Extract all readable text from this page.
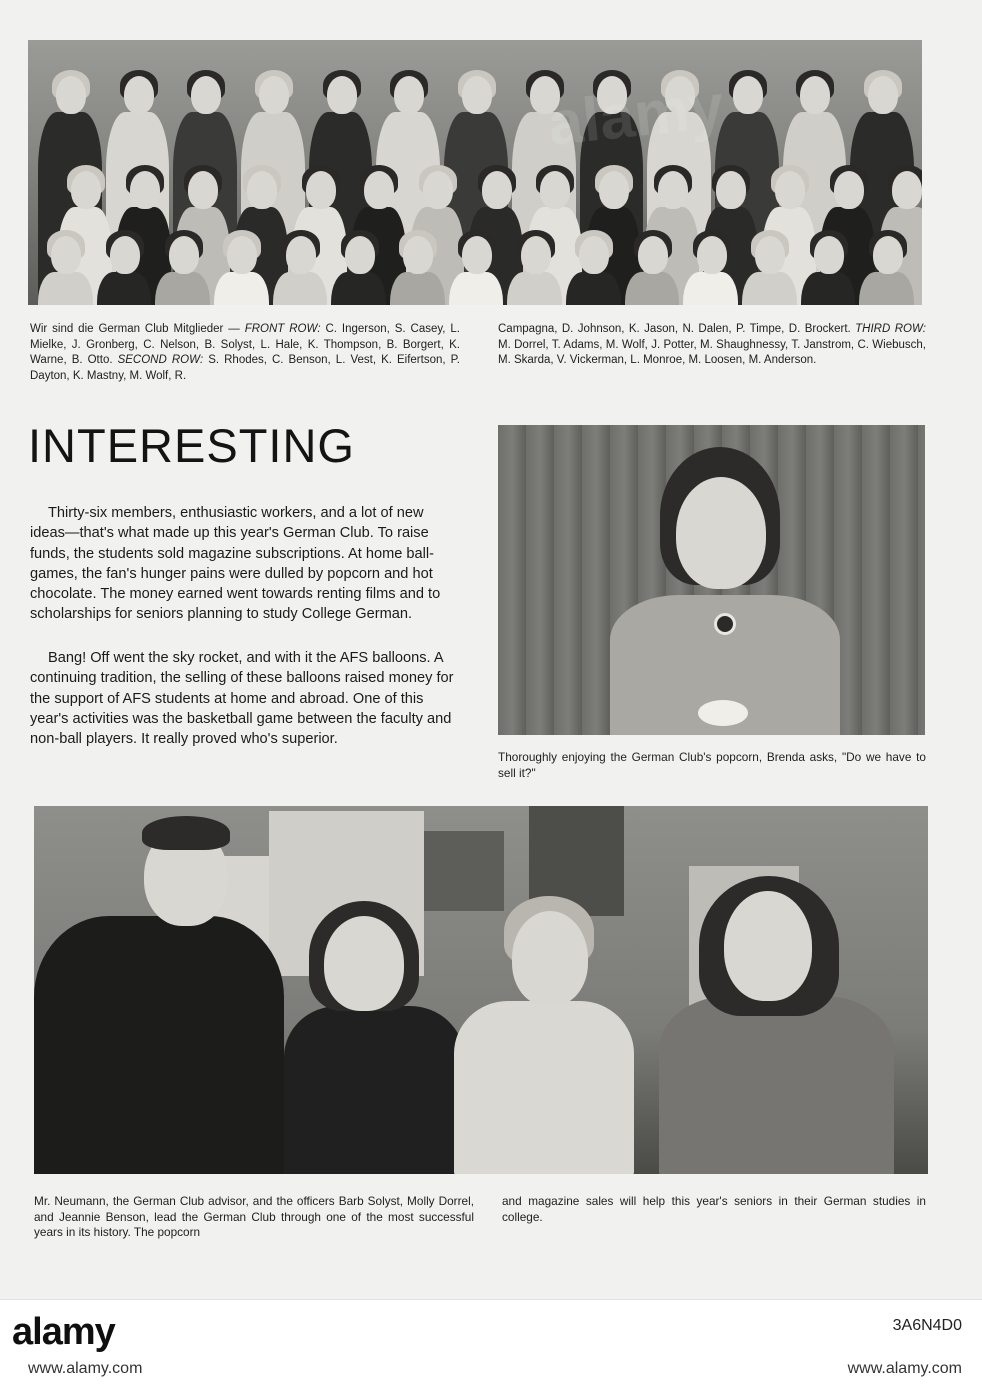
alamy

Wir sind die German Club Mitglieder — FRONT ROW: C. Ingerson, S. Casey, L. Mielke, J. Gronberg, C. Nelson, B. Solyst, L. Hale, K. Thompson, B. Borgert, K. Warne, B. Otto. SECOND ROW: S. Rhodes, C. Benson, L. Vest, K. Eifertson, P. Dayton, K. Mastny, M. Wolf, R.

Campagna, D. Johnson, K. Jason, N. Dalen, P. Timpe, D. Brockert. THIRD ROW: M. Dorrel, T. Adams, M. Wolf, J. Potter, M. Shaughnessy, T. Janstrom, C. Wiebusch, M. Skarda, V. Vickerman, L. Monroe, M. Loosen, M. Anderson.

INTERESTING

Thirty-six members, enthusiastic workers, and a lot of new ideas—that's what made up this year's German Club. To raise funds, the students sold magazine subscriptions. At home ball-games, the fan's hunger pains were dulled by popcorn and hot chocolate. The money earned went towards renting films and to scholarships for seniors planning to study College German.

Bang! Off went the sky rocket, and with it the AFS balloons. A continuing tradition, the selling of these balloons raised money for the support of AFS students at home and abroad. One of this year's activities was the basketball game between the faculty and non-ball players. It really proved who's superior.

Thoroughly enjoying the German Club's popcorn, Brenda asks, "Do we have to sell it?"

Mr. Neumann, the German Club advisor, and the officers Barb Solyst, Molly Dorrel, and Jeannie Benson, lead the German Club through one of the most successful years in its history. The popcorn

and magazine sales will help this year's seniors in their German studies in college.

alamy
www.alamy.com
3A6N4D0
www.alamy.com
